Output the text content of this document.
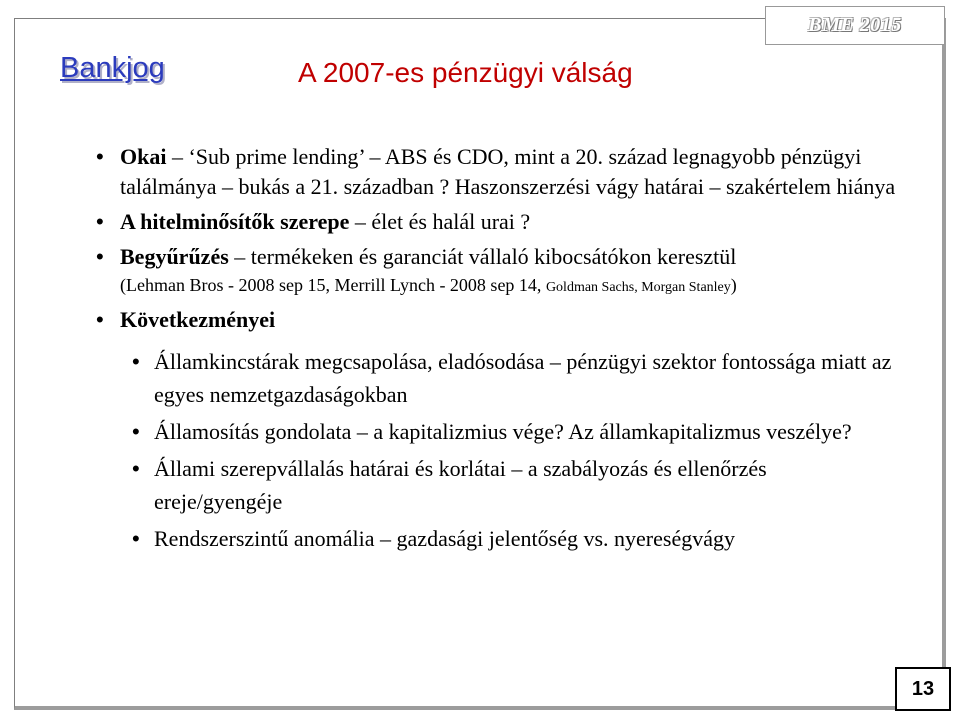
BME 2015
Bankjog	A 2007-es pénzügyi válság
• Okai – ‘Sub prime lending’ – ABS és CDO, mint a 20. század legnagyobb pénzügyi találmánya – bukás a 21. században ? Haszonszerzési vágy határai – szakértelem hiánya
• A hitelminősítők szerepe – élet és halál urai ?
• Begyűrűzés – termékeken és garanciát vállaló kibocsátókon keresztül
(Lehman Bros - 2008 sep 15, Merrill Lynch - 2008 sep 14, Goldman Sachs, Morgan Stanley)
• Következményei
• Államkincstárak megcsapolása, eladósodása – pénzügyi szektor fontossága miatt az egyes nemzetgazdaságokban
• Államosítás gondolata – a kapitalizmius vége? Az államkapitalizmus veszélye?
• Állami szerepvállalás határai és korlátai – a szabályozás és ellenőrzés ereje/gyengéje
• Rendszerszintű anomália – gazdasági jelentőség vs. nyereségvágy
13
